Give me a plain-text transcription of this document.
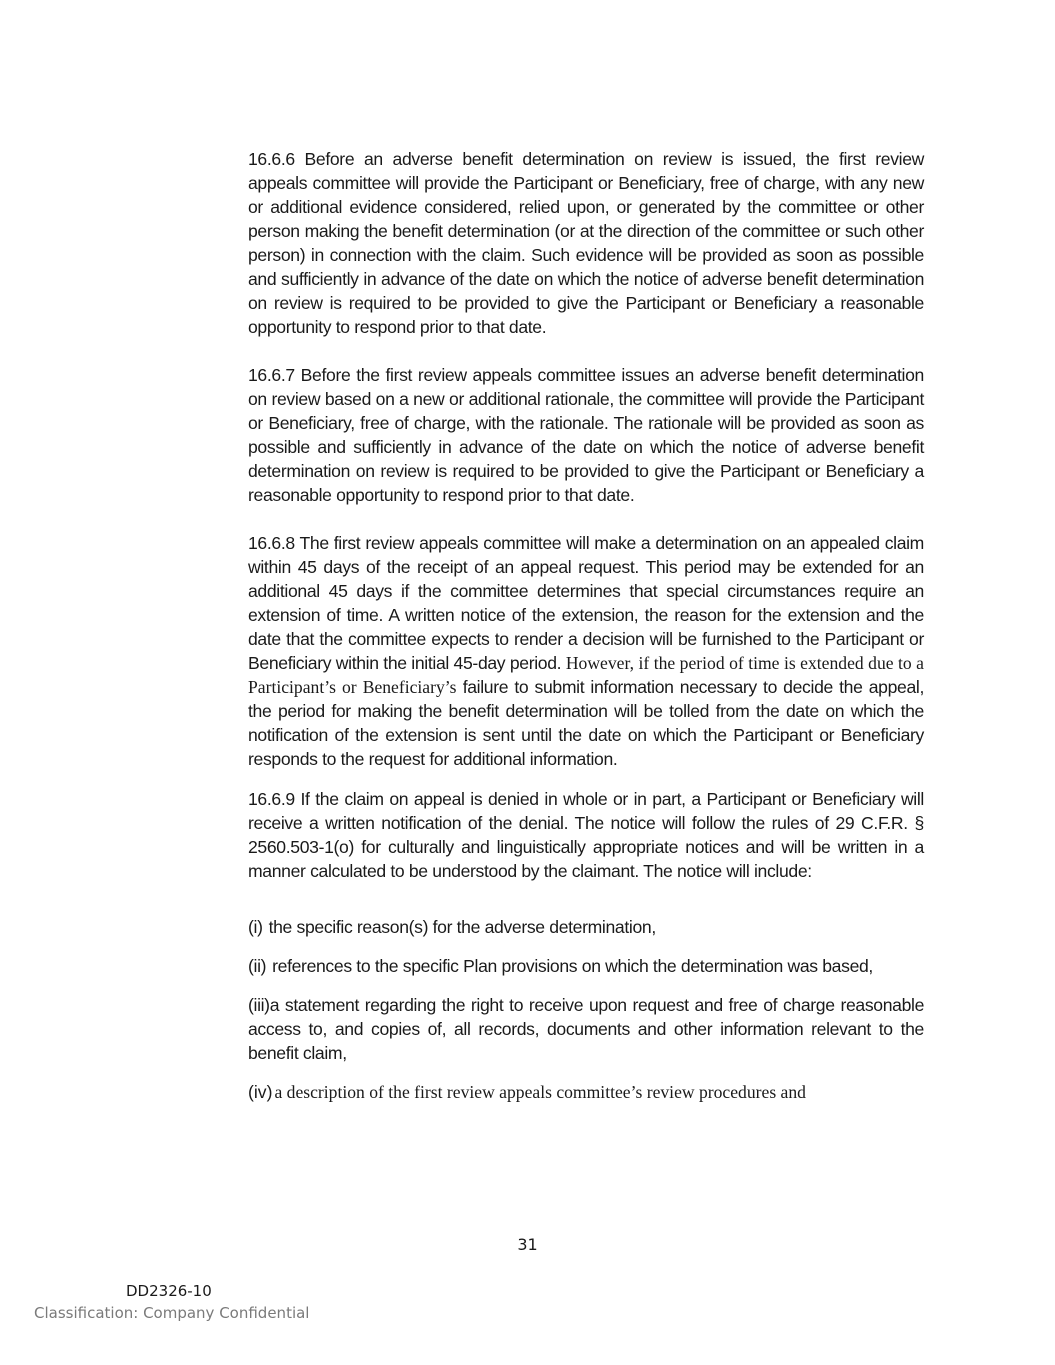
16.6.6 Before an adverse benefit determination on review is issued, the first review appeals committee will provide the Participant or Beneficiary, free of charge, with any new or additional evidence considered, relied upon, or generated by the committee or other person making the benefit determination (or at the direction of the committee or such other person) in connection with the claim. Such evidence will be provided as soon as possible and sufficiently in advance of the date on which the notice of adverse benefit determination on review is required to be provided to give the Participant or Beneficiary a reasonable opportunity to respond prior to that date.

16.6.7 Before the first review appeals committee issues an adverse benefit determination on review based on a new or additional rationale, the committee will provide the Participant or Beneficiary, free of charge, with the rationale. The rationale will be provided as soon as possible and sufficiently in advance of the date on which the notice of adverse benefit determination on review is required to be provided to give the Participant or Beneficiary a reasonable opportunity to respond prior to that date.

16.6.8 The first review appeals committee will make a determination on an appealed claim within 45 days of the receipt of an appeal request. This period may be extended for an additional 45 days if the committee determines that special circumstances require an extension of time. A written notice of the extension, the reason for the extension and the date that the committee expects to render a decision will be furnished to the Participant or Beneficiary within the initial 45-day period. However, if the period of time is extended due to a Participant’s or Beneficiary’s failure to submit information necessary to decide the appeal, the period for making the benefit determination will be tolled from the date on which the notification of the extension is sent until the date on which the Participant or Beneficiary responds to the request for additional information.

16.6.9 If the claim on appeal is denied in whole or in part, a Participant or Beneficiary will receive a written notification of the denial. The notice will follow the rules of 29 C.F.R. § 2560.503-1(o) for culturally and linguistically appropriate notices and will be written in a manner calculated to be understood by the claimant. The notice will include:

(i) the specific reason(s) for the adverse determination,

(ii) references to the specific Plan provisions on which the determination was based,

(iii)a statement regarding the right to receive upon request and free of charge reasonable access to, and copies of, all records, documents and other information relevant to the benefit claim,

(iv) a description of the first review appeals committee’s review procedures and

31
DD2326-10
Classification: Company Confidential
